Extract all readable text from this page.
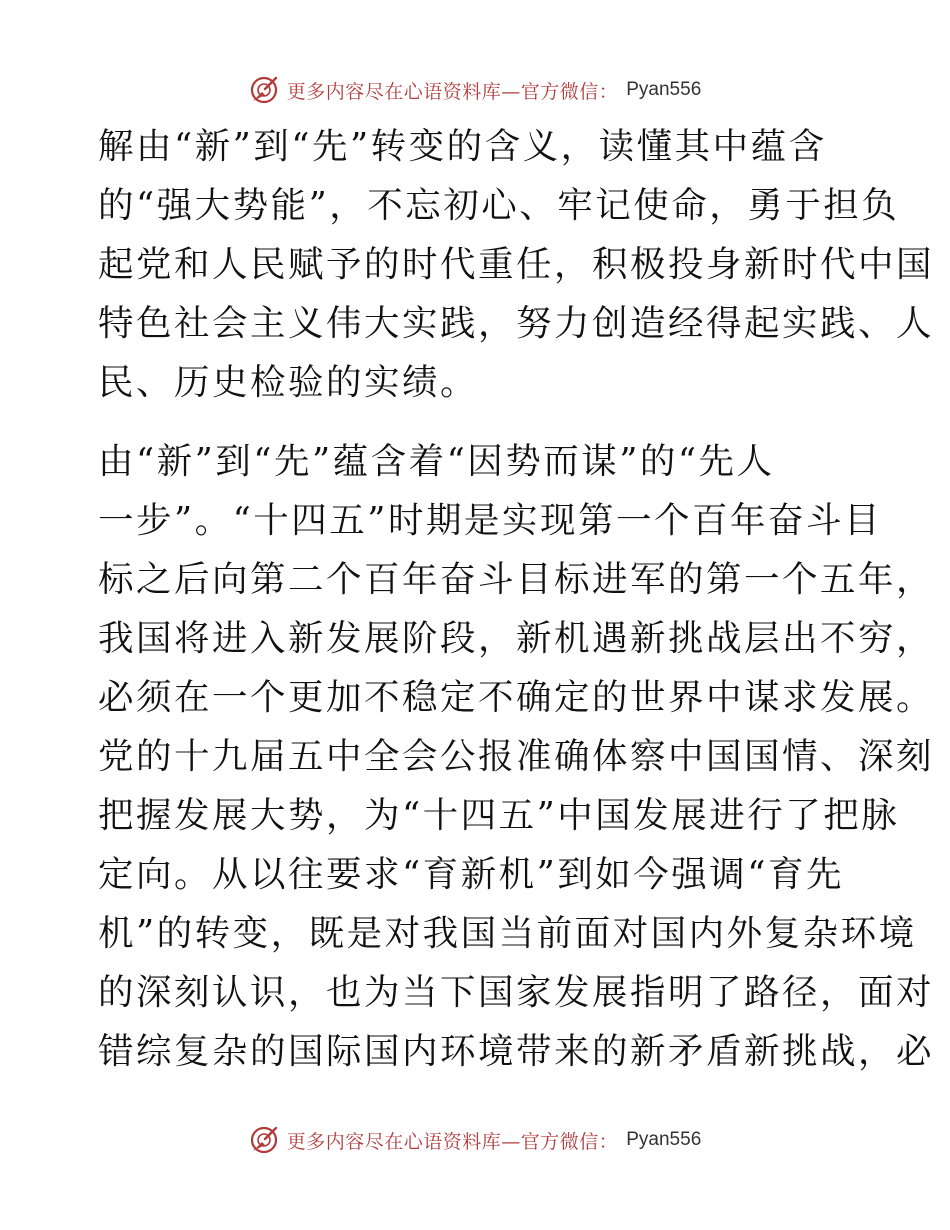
更多内容尽在心语资料库—官方微信： Pyan556
解由“新”到“先”转变的含义，读懂其中蕴含
的“强大势能”，不忘初心、牢记使命，勇于担负
起党和人民赋予的时代重任，积极投身新时代中国
特色社会主义伟大实践，努力创造经得起实践、人
民、历史检验的实绩。
由“新”到“先”蕴含着“因势而谋”的“先人
一步”。“十四五”时期是实现第一个百年奋斗目
标之后向第二个百年奋斗目标进军的第一个五年，
我国将进入新发展阶段，新机遇新挑战层出不穷，
必须在一个更加不稳定不确定的世界中谋求发展。
党的十九届五中全会公报准确体察中国国情、深刻
把握发展大势，为“十四五”中国发展进行了把脉
定向。从以往要求“育新机”到如今强调“育先
机”的转变，既是对我国当前面对国内外复杂环境
的深刻认识，也为当下国家发展指明了路径，面对
错综复杂的国际国内环境带来的新矛盾新挑战，必
更多内容尽在心语资料库—官方微信： Pyan556
